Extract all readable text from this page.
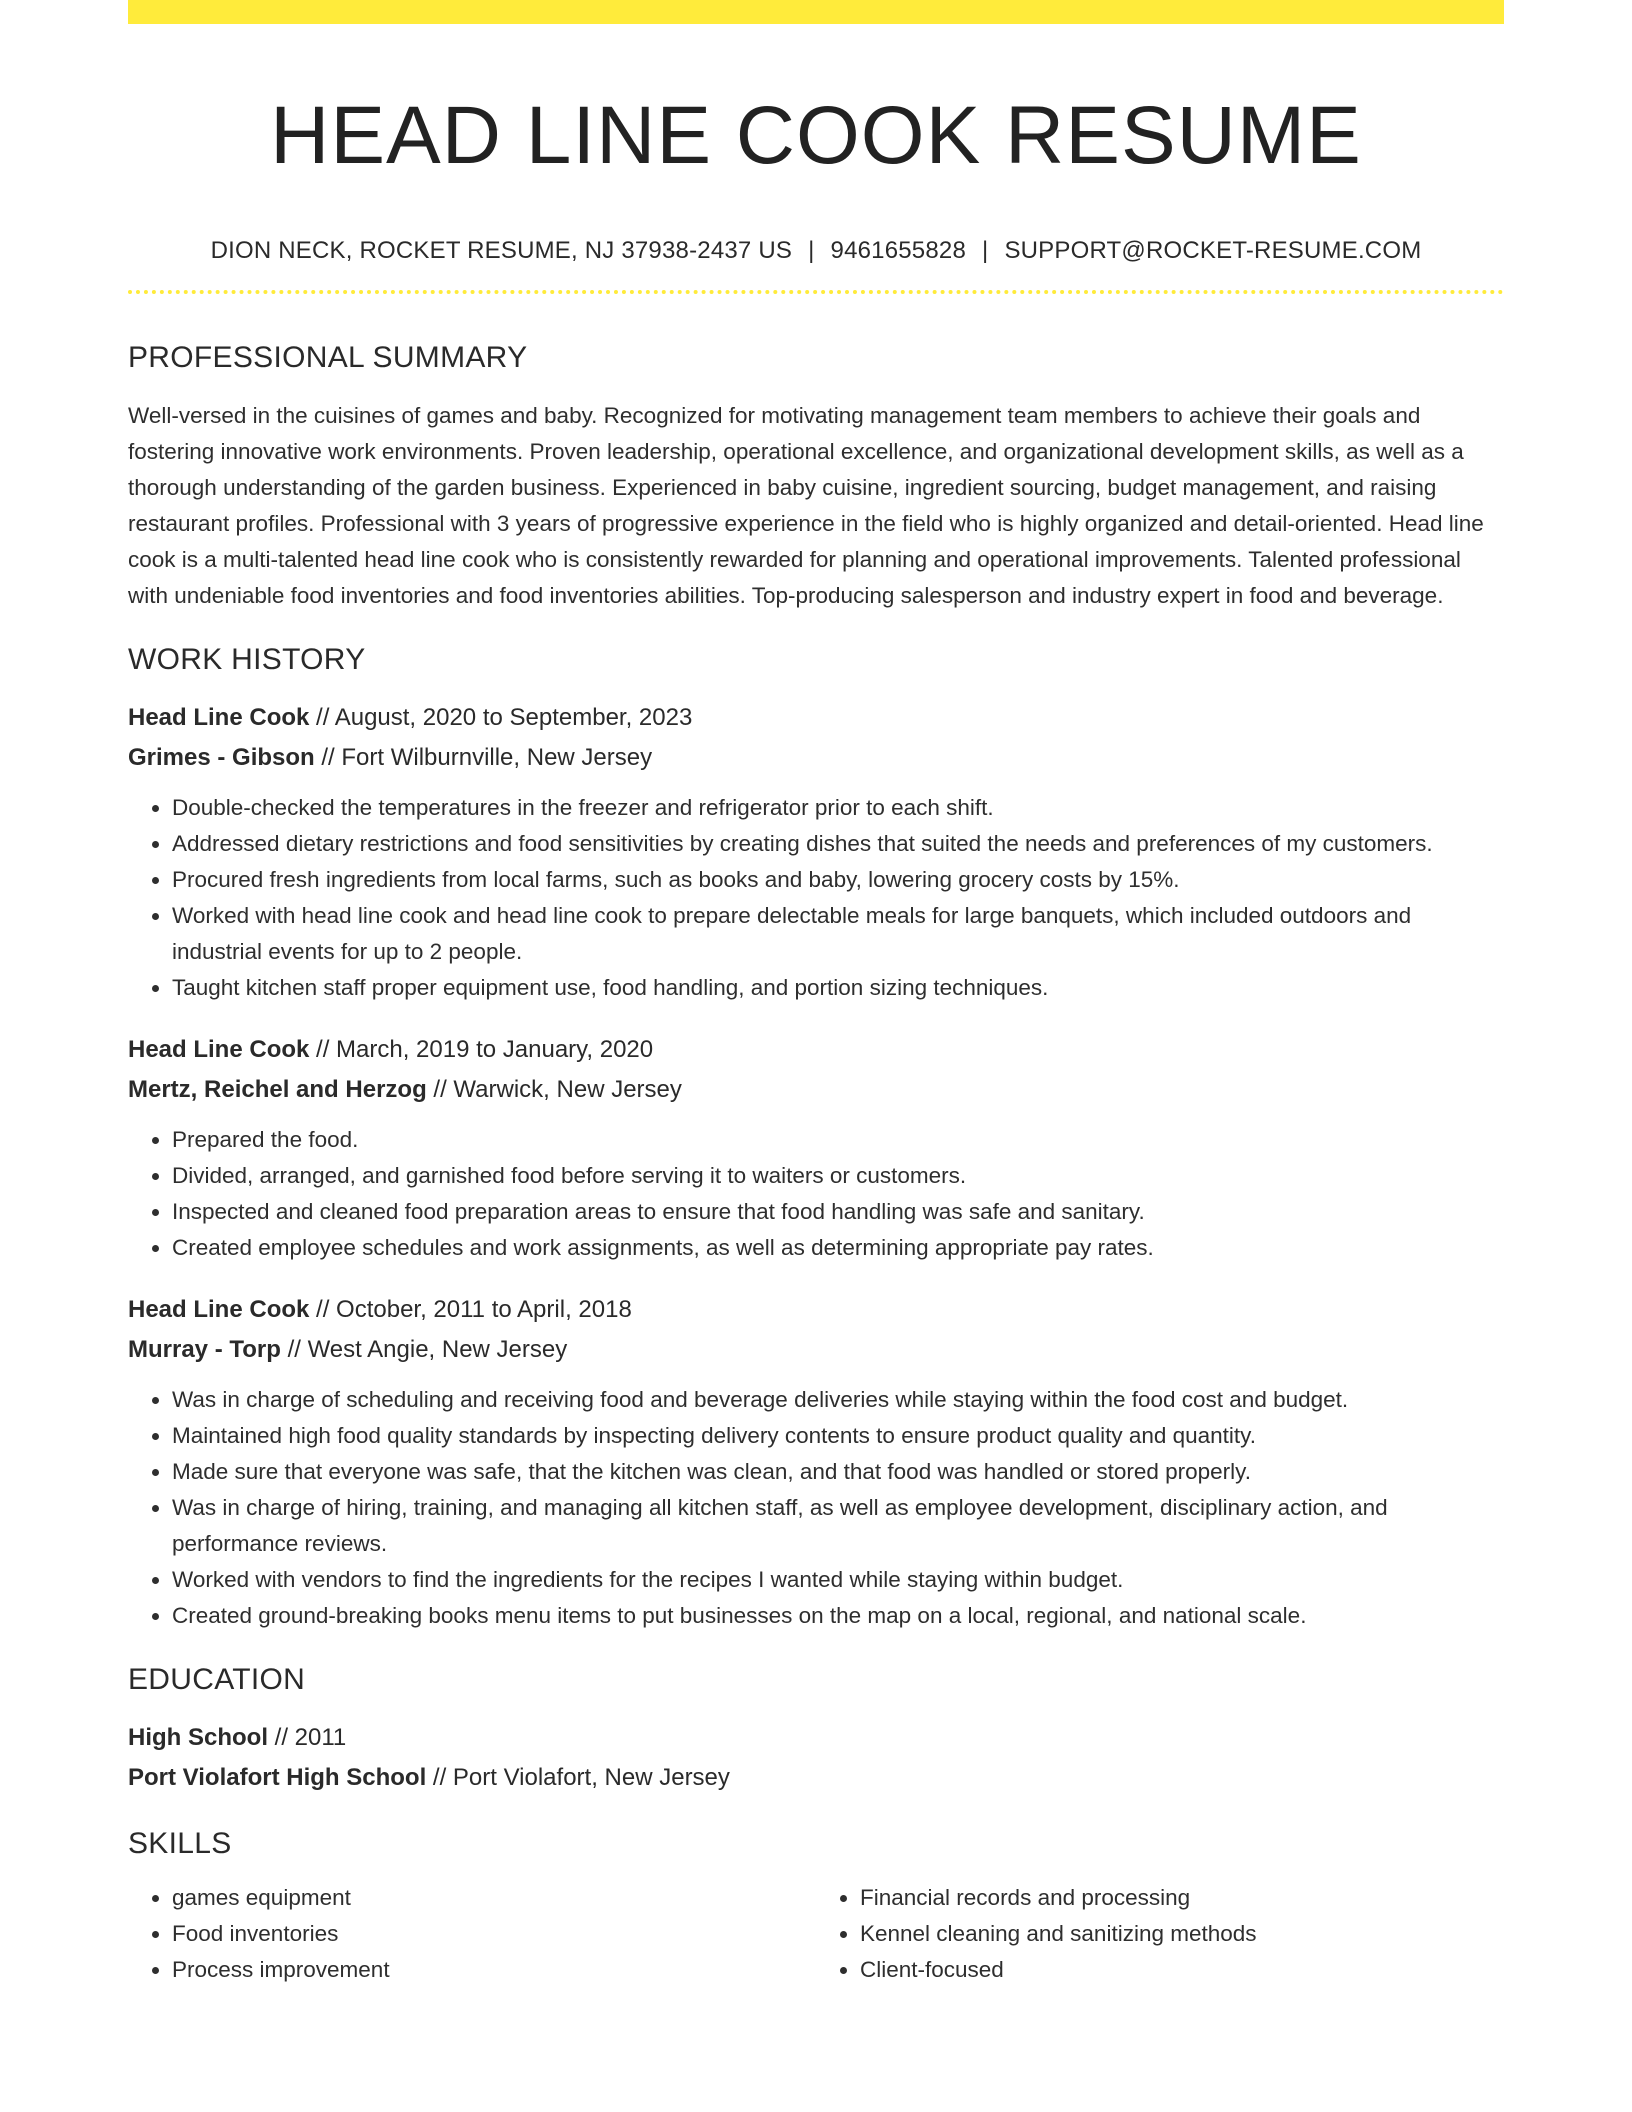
HEAD LINE COOK RESUME
DION NECK, ROCKET RESUME, NJ 37938-2437 US | 9461655828 | SUPPORT@ROCKET-RESUME.COM
PROFESSIONAL SUMMARY
Well-versed in the cuisines of games and baby. Recognized for motivating management team members to achieve their goals and fostering innovative work environments. Proven leadership, operational excellence, and organizational development skills, as well as a thorough understanding of the garden business. Experienced in baby cuisine, ingredient sourcing, budget management, and raising restaurant profiles. Professional with 3 years of progressive experience in the field who is highly organized and detail-oriented. Head line cook is a multi-talented head line cook who is consistently rewarded for planning and operational improvements. Talented professional with undeniable food inventories and food inventories abilities. Top-producing salesperson and industry expert in food and beverage.
WORK HISTORY
Head Line Cook // August, 2020 to September, 2023
Grimes - Gibson // Fort Wilburnville, New Jersey
• Double-checked the temperatures in the freezer and refrigerator prior to each shift.
• Addressed dietary restrictions and food sensitivities by creating dishes that suited the needs and preferences of my customers.
• Procured fresh ingredients from local farms, such as books and baby, lowering grocery costs by 15%.
• Worked with head line cook and head line cook to prepare delectable meals for large banquets, which included outdoors and industrial events for up to 2 people.
• Taught kitchen staff proper equipment use, food handling, and portion sizing techniques.
Head Line Cook // March, 2019 to January, 2020
Mertz, Reichel and Herzog // Warwick, New Jersey
• Prepared the food.
• Divided, arranged, and garnished food before serving it to waiters or customers.
• Inspected and cleaned food preparation areas to ensure that food handling was safe and sanitary.
• Created employee schedules and work assignments, as well as determining appropriate pay rates.
Head Line Cook // October, 2011 to April, 2018
Murray - Torp // West Angie, New Jersey
• Was in charge of scheduling and receiving food and beverage deliveries while staying within the food cost and budget.
• Maintained high food quality standards by inspecting delivery contents to ensure product quality and quantity.
• Made sure that everyone was safe, that the kitchen was clean, and that food was handled or stored properly.
• Was in charge of hiring, training, and managing all kitchen staff, as well as employee development, disciplinary action, and performance reviews.
• Worked with vendors to find the ingredients for the recipes I wanted while staying within budget.
• Created ground-breaking books menu items to put businesses on the map on a local, regional, and national scale.
EDUCATION
High School // 2011
Port Violafort High School // Port Violafort, New Jersey
SKILLS
• games equipment
• Food inventories
• Process improvement
• Financial records and processing
• Kennel cleaning and sanitizing methods
• Client-focused
